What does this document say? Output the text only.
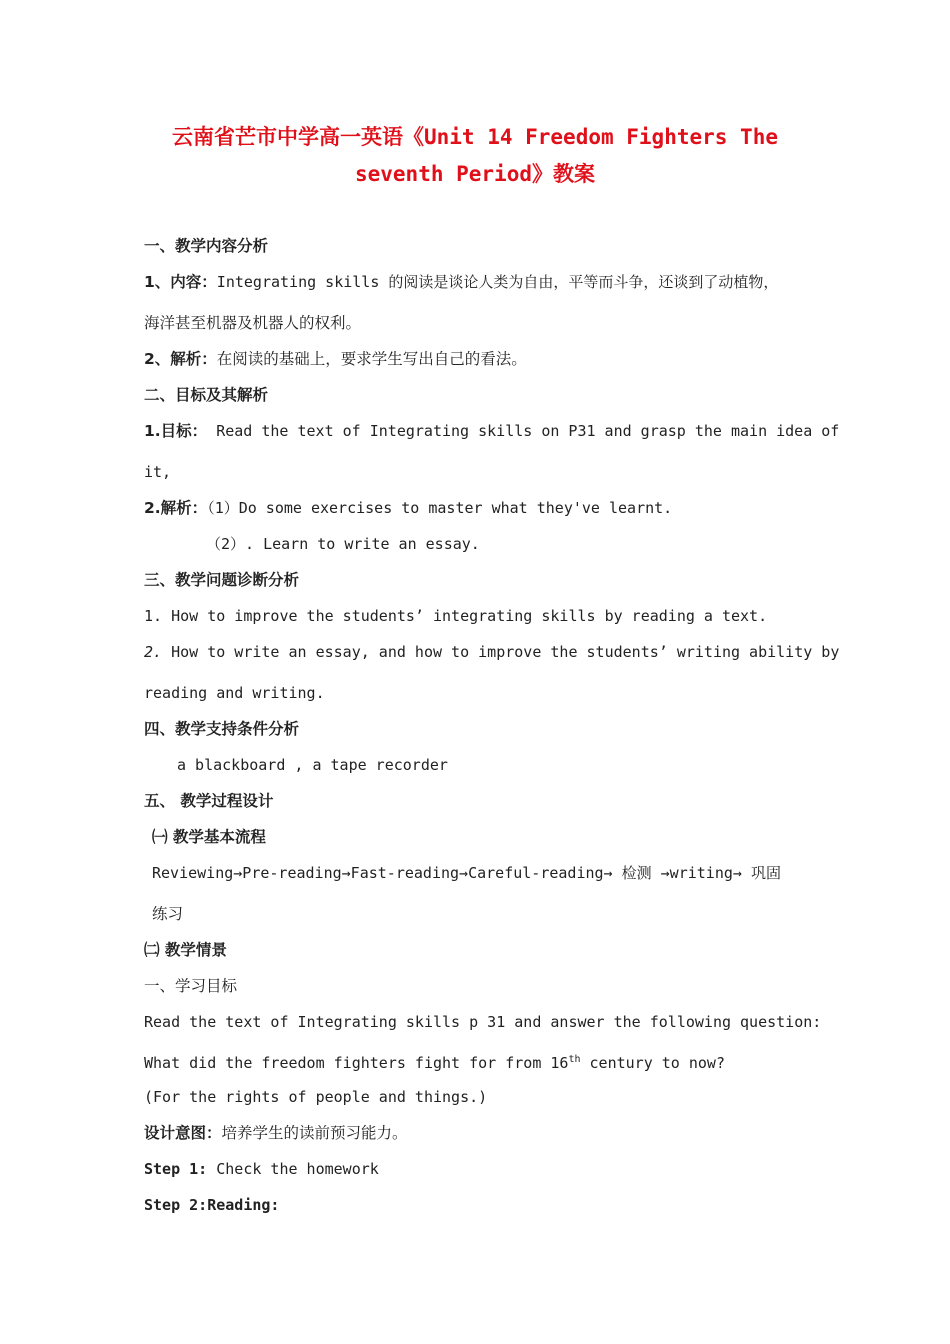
云南省芒市中学高一英语《Unit 14 Freedom Fighters The
seventh Period》教案
一、教学内容分析
1、内容：Integrating skills 的阅读是谈论人类为自由，平等而斗争，还谈到了动植物，
海洋甚至机器及机器人的权利。
2、解析：在阅读的基础上，要求学生写出自己的看法。
二、目标及其解析
1.目标： Read the text of Integrating skills on P31 and grasp the main idea of
it,
2.解析：（1）Do some exercises to master what they've learnt.
（2）. Learn to write an essay.
三、教学问题诊断分析
1. How to improve the students’ integrating skills by reading a text.
2. How to write an essay, and how to improve the students’ writing ability by
reading and writing.
四、教学支持条件分析
a blackboard , a tape recorder
五、 教学过程设计
㈠ 教学基本流程
Reviewing→Pre-reading→Fast-reading→Careful-reading→ 检测 →writing→ 巩固
练习
㈡ 教学情景
一、学习目标
Read the text of Integrating skills p 31 and answer the following question:
What did the freedom fighters fight for from 16th century to now?
(For the rights of people and things.)
设计意图：培养学生的读前预习能力。
Step 1: Check the homework
Step 2:Reading:
